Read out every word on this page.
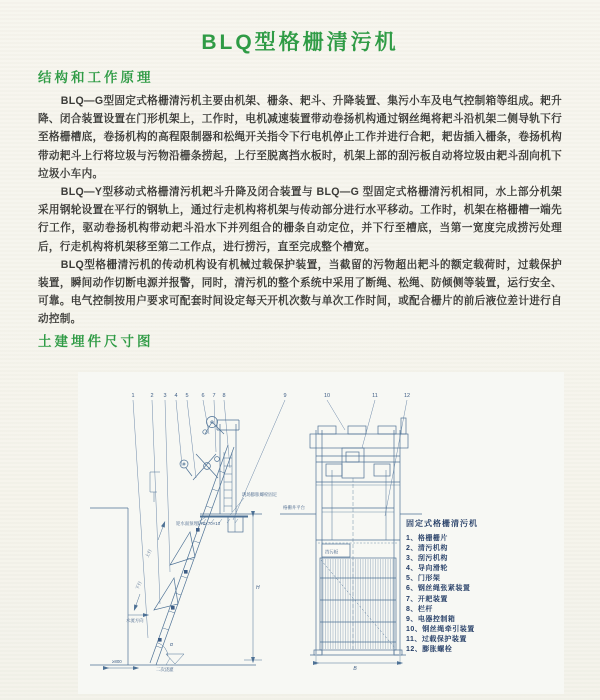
BLQ型格栅清污机
结构和工作原理

BLQ—G型固定式格栅清污机主要由机架、栅条、耙斗、升降装置、集污小车及电气控制箱等组成。耙升降、闭合装置设置在门形机架上，工作时，电机减速装置带动卷扬机构通过钢丝绳将耙斗沿机架二侧导轨下行至格栅槽底，卷扬机构的高程限制器和松绳开关指令下行电机停止工作并进行合耙，耙齿插入栅条，卷扬机构带动耙斗上行将垃圾与污物沿栅条捞起，上行至脱离挡水板时，机架上部的刮污板自动将垃圾由耙斗刮向机下垃圾小车内。

BLQ—Y型移动式格栅清污机耙斗升降及闭合装置与 BLQ—G 型固定式格栅清污机相同，水上部分机架采用钢轮设置在平行的钢轨上，通过行走机构将机架与传动部分进行水平移动。工作时，机架在格栅槽一端先行工作，驱动卷扬机构带动耙斗沿水下并列组合的栅条自动定位，并下行至槽底，当第一宽度完成捞污处理后，行走机构将机架移至第二工作点，进行捞污，直至完成整个槽宽。

BLQ型格栅清污机的传动机构设有机械过载保护装置，当截留的污物超出耙斗的额定载荷时，过载保护装置，瞬间动作切断电源并报警，同时，清污机的整个系统中采用了断绳、松绳、防倾侧等装置，运行安全、可靠。电气控制按用户要求可配套时间设定每天开机次数与单次工作时间，或配合栅片的前后液位差计进行自动控制。

土建埋件尺寸图
1	2 3 4 5 6 7 8	9	10	11	12
现场膨胀螺栓固定
格栅井平台
迎水面预埋L70×70×10
上行
下行
水流方向
≥800
二次浇灌
α
H
挡污板
B
固定式格栅清污机
1、格栅栅片
2、清污机构
3、刮污机构
4、导向滑轮
5、门形架
6、钢丝绳张紧装置
7、开耙装置
8、栏杆
9、电器控制箱
10、钢丝绳牵引装置
11、过载保护装置
12、膨胀螺栓
